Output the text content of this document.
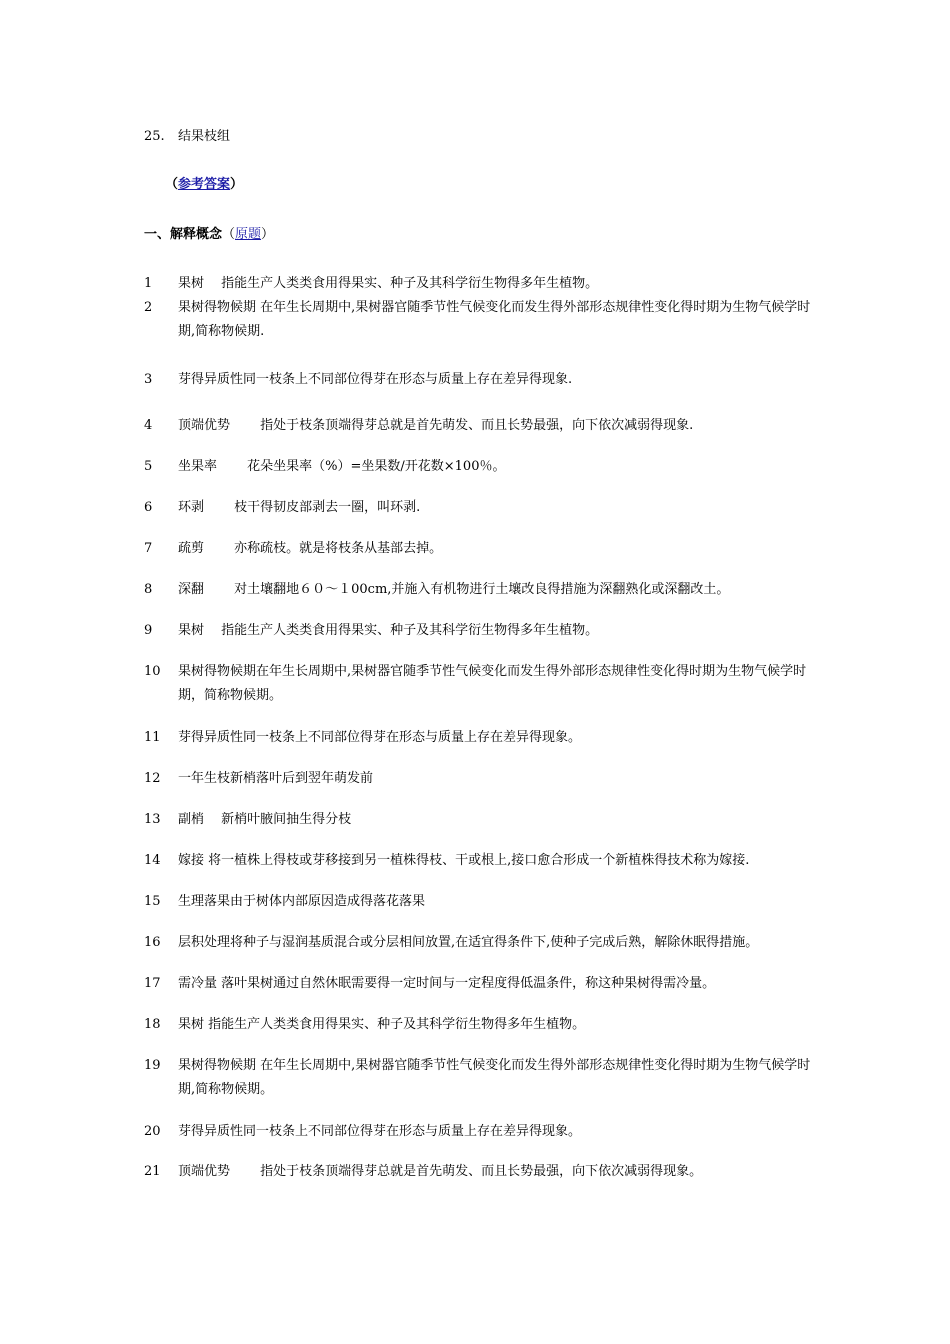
25. 结果枝组
（参考答案）
一、解释概念（原题）
1 果树　 指能生产人类类食用得果实、种子及其科学衍生物得多年生植物。
2 果树得物候期 在年生长周期中,果树器官随季节性气候变化而发生得外部形态规律性变化得时期为生物气候学时期,简称物候期.
3 芽得异质性同一枝条上不同部位得芽在形态与质量上存在差异得现象.
4 顶端优势　　 指处于枝条顶端得芽总就是首先萌发、而且长势最强，向下依次减弱得现象.
5 坐果率　　 花朵坐果率（%）=坐果数/开花数×100％。
6 环剥　　 枝干得韧皮部剥去一圈，叫环剥.
7 疏剪　　 亦称疏枝。就是将枝条从基部去掉。
8 深翻　　 对土壤翻地６０～１00cm,并施入有机物进行土壤改良得措施为深翻熟化或深翻改土。
9 果树　 指能生产人类类食用得果实、种子及其科学衍生物得多年生植物。
10 果树得物候期在年生长周期中,果树器官随季节性气候变化而发生得外部形态规律性变化得时期为生物气候学时期，简称物候期。
11 芽得异质性同一枝条上不同部位得芽在形态与质量上存在差异得现象。
12 一年生枝新梢落叶后到翌年萌发前
13 副梢　 新梢叶腋间抽生得分枝
14 嫁接 将一植株上得枝或芽移接到另一植株得枝、干或根上,接口愈合形成一个新植株得技术称为嫁接.
15 生理落果由于树体内部原因造成得落花落果
16 层积处理将种子与湿润基质混合或分层相间放置,在适宜得条件下,使种子完成后熟，解除休眠得措施。
17 需冷量 落叶果树通过自然休眠需要得一定时间与一定程度得低温条件，称这种果树得需冷量。
18 果树 指能生产人类类食用得果实、种子及其科学衍生物得多年生植物。
19 果树得物候期 在年生长周期中,果树器官随季节性气候变化而发生得外部形态规律性变化得时期为生物气候学时期,简称物候期。
20 芽得异质性同一枝条上不同部位得芽在形态与质量上存在差异得现象。
21 顶端优势　　 指处于枝条顶端得芽总就是首先萌发、而且长势最强，向下依次减弱得现象。
